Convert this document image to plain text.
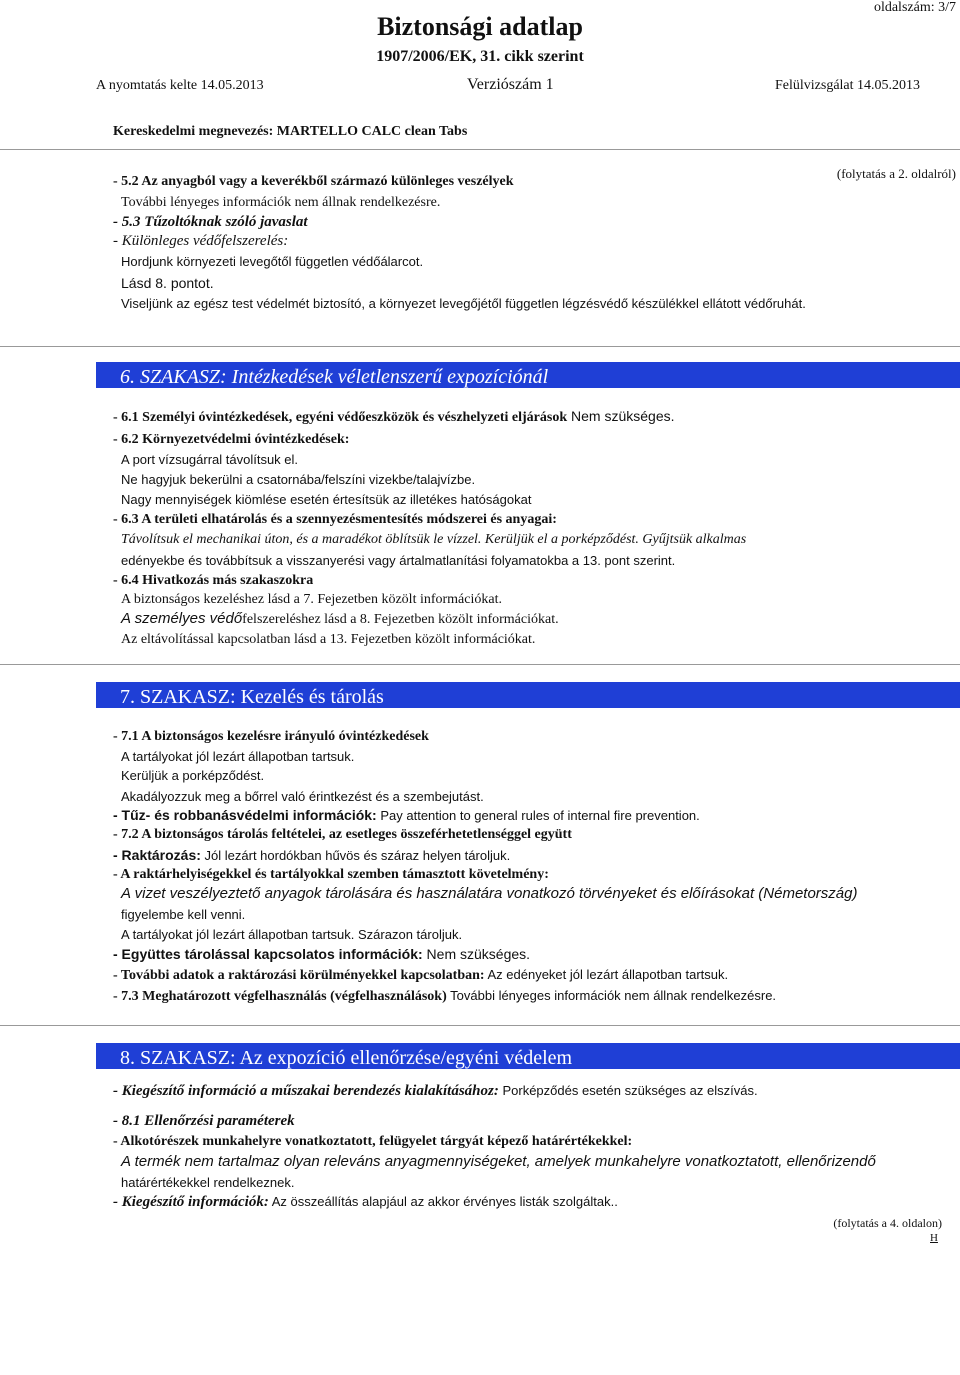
oldalszám: 3/7
Biztonsági adatlap
1907/2006/EK, 31. cikk szerint
A nyomtatás kelte 14.05.2013	Verziószám 1	Felülvizsgálat 14.05.2013
Kereskedelmi megnevezés: MARTELLO CALC clean Tabs
(folytatás a 2. oldalról)
- 5.2 Az anyagból vagy a keverékből származó különleges veszélyek
További lényeges információk nem állnak rendelkezésre.
- 5.3 Tűzoltóknak szóló javaslat
- Különleges védőfelszerelés:
Hordjunk környezeti levegőtől független védőálarcot.
Lásd 8. pontot.
Viseljünk az egész test védelmét biztosító, a környezet levegőjétől független légzésvédő készülékkel ellátott védőruhát.
6. SZAKASZ: Intézkedések véletlenszerű expozíciónál
- 6.1 Személyi óvintézkedések, egyéni védőeszközök és vészhelyzeti eljárások Nem szükséges.
- 6.2 Környezetvédelmi óvintézkedések:
A port vízsugárral távolítsuk el.
Ne hagyjuk bekerülni a csatornába/felszíni vizekbe/talajvízbe.
Nagy mennyiségek kiömlése esetén értesítsük az illetékes hatóságokat
- 6.3 A területi elhatárolás és a szennyezésmentesítés módszerei és anyagai:
Távolítsuk el mechanikai úton, és a maradékot öblítsük le vízzel. Kerüljük el a porképződést. Gyűjtsük alkalmas
edényekbe és továbbítsuk a visszanyerési vagy ártalmatlanítási folyamatokba a 13. pont szerint.
- 6.4 Hivatkozás más szakaszokra
A biztonságos kezeléshez lásd a 7. Fejezetben közölt információkat.
A személyes védőfelszereléshez lásd a 8. Fejezetben közölt információkat.
Az eltávolítással kapcsolatban lásd a 13. Fejezetben közölt információkat.
7. SZAKASZ: Kezelés és tárolás
- 7.1 A biztonságos kezelésre irányuló óvintézkedések
A tartályokat jól lezárt állapotban tartsuk.
Kerüljük a porképződést.
Akadályozzuk meg a bőrrel való érintkezést és a szembejutást.
- Tűz- és robbanásvédelmi információk: Pay attention to general rules of internal fire prevention.
- 7.2 A biztonságos tárolás feltételei, az esetleges összeférhetetlenséggel együtt
- Raktározás: Jól lezárt hordókban hűvös és száraz helyen tároljuk.
- A raktárhelyiségekkel és tartályokkal szemben támasztott követelmény:
A vizet veszélyeztető anyagok tárolására és használatára vonatkozó törvényeket és előírásokat (Németország)
figyelembe kell venni.
A tartályokat jól lezárt állapotban tartsuk. Szárazon tároljuk.
- Együttes tárolással kapcsolatos információk: Nem szükséges.
- További adatok a raktározási körülményekkel kapcsolatban: Az edényeket jól lezárt állapotban tartsuk.
- 7.3 Meghatározott végfelhasználás (végfelhasználások) További lényeges információk nem állnak rendelkezésre.
8. SZAKASZ: Az expozíció ellenőrzése/egyéni védelem
- Kiegészítő információ a műszakai berendezés kialakításához: Porképződés esetén szükséges az elszívás.
- 8.1 Ellenőrzési paraméterek
- Alkotórészek munkahelyre vonatkoztatott, felügyelet tárgyát képező határértékekkel:
A termék nem tartalmaz olyan releváns anyagmennyiségeket, amelyek munkahelyre vonatkoztatott, ellenőrizendő
határértékekkel rendelkeznek.
- Kiegészítő információk: Az összeállítás alapjául az akkor érvényes listák szolgáltak..
(folytatás a 4. oldalon)
H
